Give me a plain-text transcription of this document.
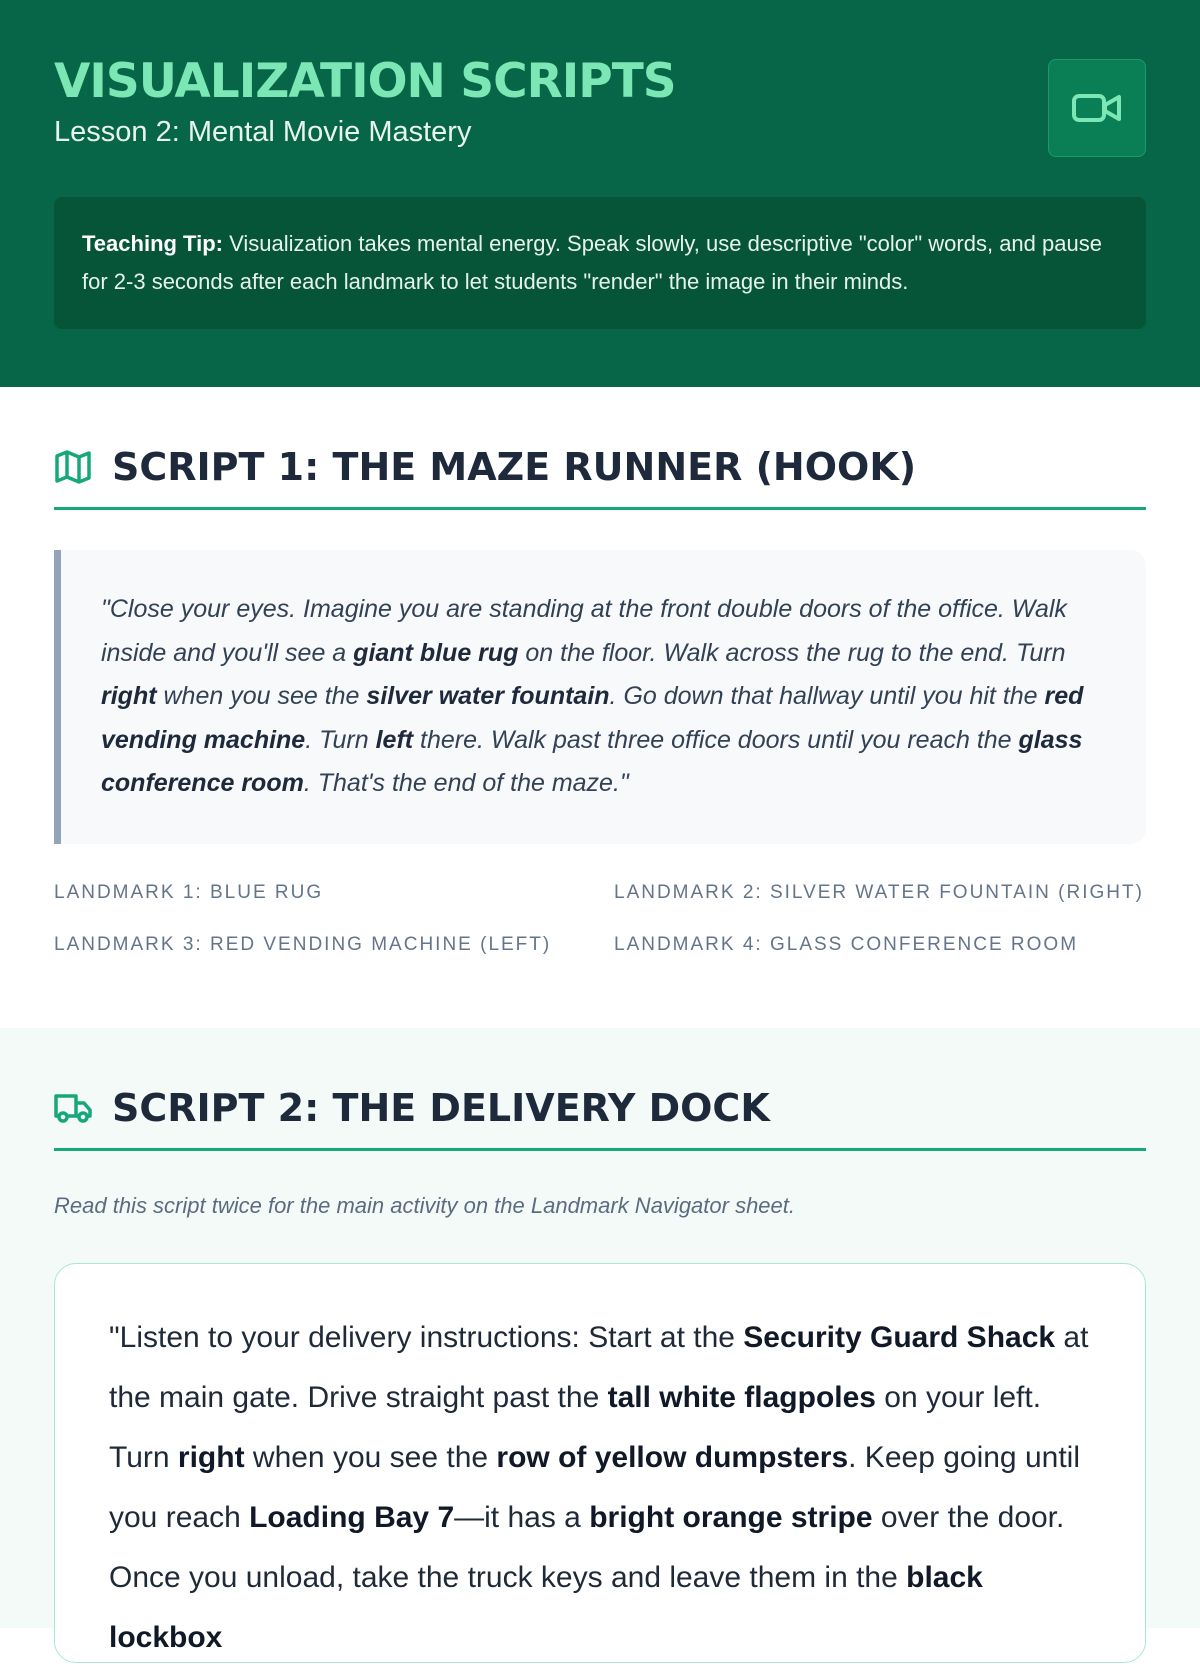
VISUALIZATION SCRIPTS
Lesson 2: Mental Movie Mastery
Teaching Tip: Visualization takes mental energy. Speak slowly, use descriptive "color" words, and pause for 2-3 seconds after each landmark to let students "render" the image in their minds.
SCRIPT 1: THE MAZE RUNNER (HOOK)
"Close your eyes. Imagine you are standing at the front double doors of the office. Walk inside and you'll see a giant blue rug on the floor. Walk across the rug to the end. Turn right when you see the silver water fountain. Go down that hallway until you hit the red vending machine. Turn left there. Walk past three office doors until you reach the glass conference room. That's the end of the maze."
LANDMARK 1: BLUE RUG	LANDMARK 2: SILVER WATER FOUNTAIN (RIGHT)
LANDMARK 3: RED VENDING MACHINE (LEFT)	LANDMARK 4: GLASS CONFERENCE ROOM
SCRIPT 2: THE DELIVERY DOCK
Read this script twice for the main activity on the Landmark Navigator sheet.
"Listen to your delivery instructions: Start at the Security Guard Shack at the main gate. Drive straight past the tall white flagpoles on your left. Turn right when you see the row of yellow dumpsters. Keep going until you reach Loading Bay 7—it has a bright orange stripe over the door. Once you unload, take the truck keys and leave them in the black lockbox
